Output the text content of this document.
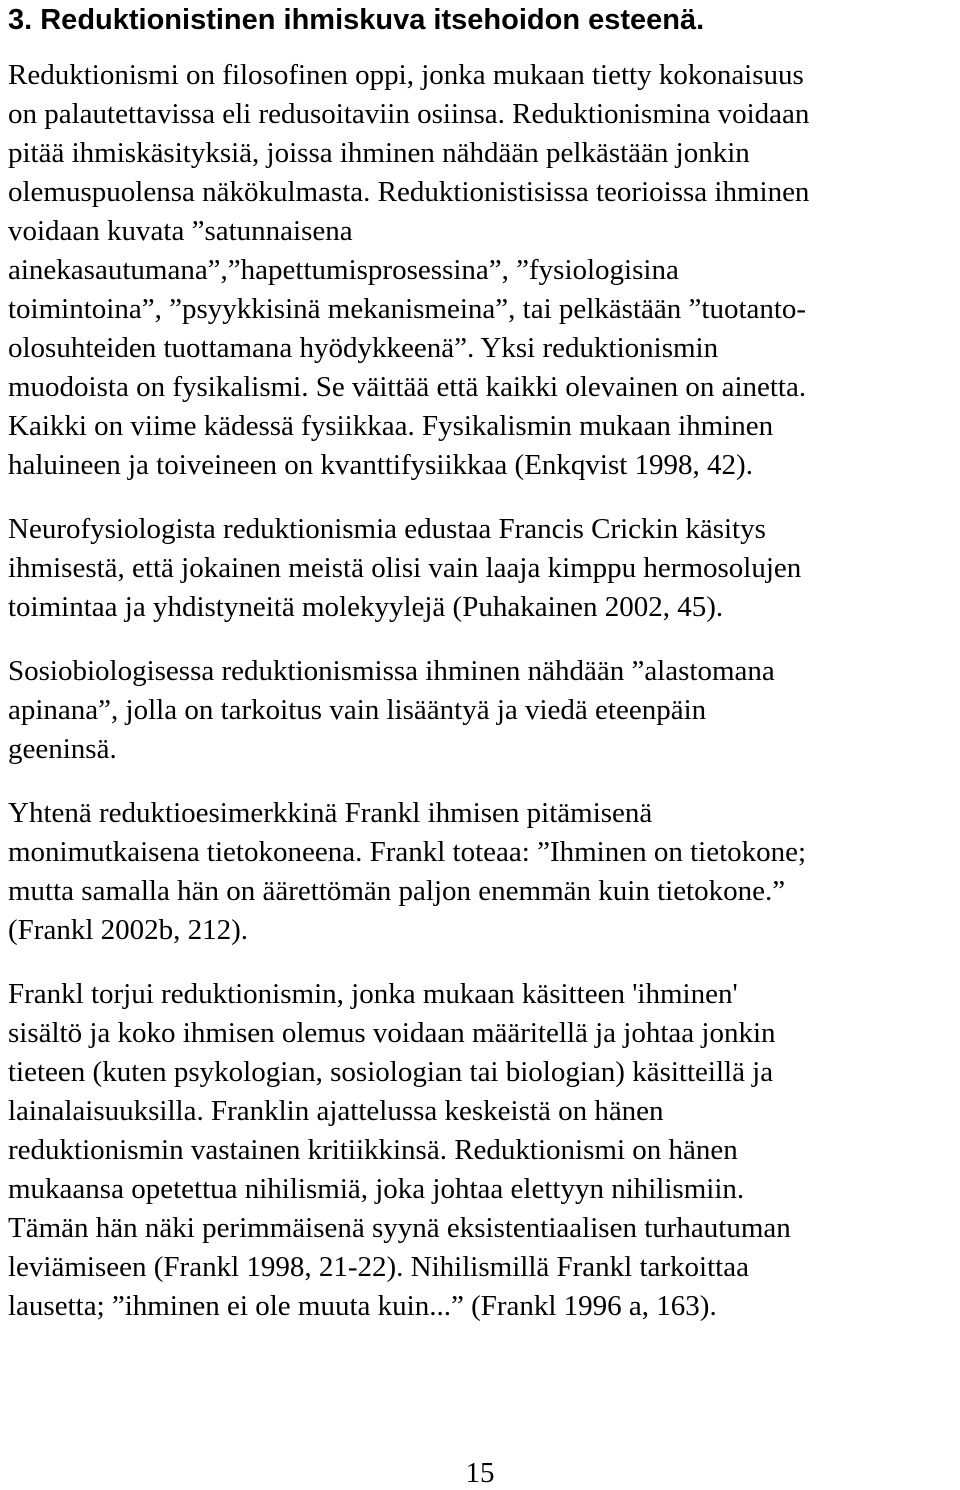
3. Reduktionistinen ihmiskuva itsehoidon esteenä.

Reduktionismi on filosofinen oppi, jonka mukaan tietty kokonaisuus
on palautettavissa eli redusoitaviin osiinsa. Reduktionismina voidaan
pitää ihmiskäsityksiä, joissa ihminen nähdään pelkästään jonkin
olemuspuolensa näkökulmasta. Reduktionistisissa teorioissa ihminen
voidaan kuvata ”satunnaisena
ainekasautumana”,”hapettumisprosessina”, ”fysiologisina
toimintoina”, ”psyykkisinä mekanismeina”, tai pelkästään ”tuotanto-
olosuhteiden tuottamana hyödykkeenä”. Yksi reduktionismin
muodoista on fysikalismi. Se väittää että kaikki olevainen on ainetta.
Kaikki on viime kädessä fysiikkaa. Fysikalismin mukaan ihminen
haluineen ja toiveineen on kvanttifysiikkaa (Enkqvist 1998, 42).

Neurofysiologista reduktionismia edustaa Francis Crickin käsitys
ihmisestä, että jokainen meistä olisi vain laaja kimppu hermosolujen
toimintaa ja yhdistyneitä molekyylejä (Puhakainen 2002, 45).

Sosiobiologisessa reduktionismissa ihminen nähdään ”alastomana
apinana”, jolla on tarkoitus vain lisääntyä ja viedä eteenpäin
geeninsä.

Yhtenä reduktioesimerkkinä Frankl ihmisen pitämisenä
monimutkaisena tietokoneena. Frankl toteaa: ”Ihminen on tietokone;
mutta samalla hän on äärettömän paljon enemmän kuin tietokone.”
(Frankl 2002b, 212).

Frankl torjui reduktionismin, jonka mukaan käsitteen 'ihminen'
sisältö ja koko ihmisen olemus voidaan määritellä ja johtaa jonkin
tieteen (kuten psykologian, sosiologian tai biologian) käsitteillä ja
lainalaisuuksilla. Franklin ajattelussa keskeistä on hänen
reduktionismin vastainen kritiikkinsä. Reduktionismi on hänen
mukaansa opetettua nihilismiä, joka johtaa elettyyn nihilismiin.
Tämän hän näki perimmäisenä syynä eksistentiaalisen turhautuman
leviämiseen (Frankl 1998, 21-22). Nihilismillä Frankl tarkoittaa
lausetta; ”ihminen ei ole muuta kuin...” (Frankl 1996 a, 163).

15
